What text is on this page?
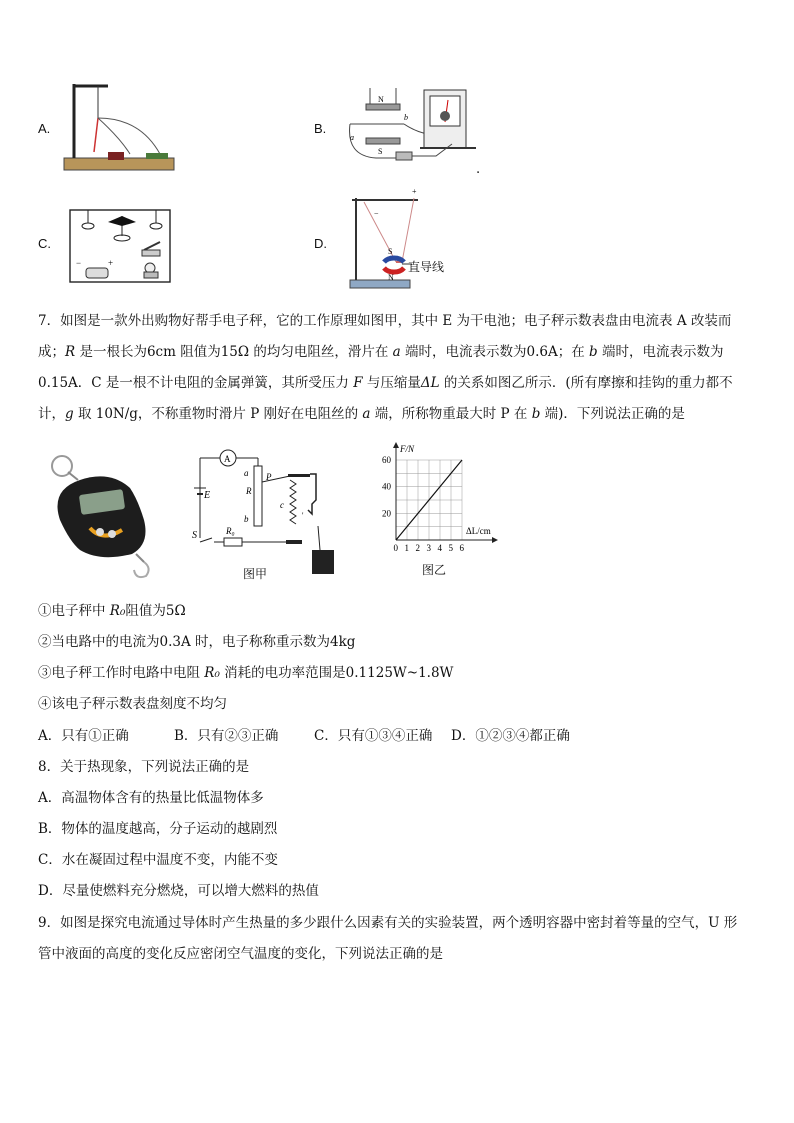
A.	B.
N
S
a
b
.
C.
−	+
D.
+
−
S
N
直导线
7．如图是一款外出购物好帮手电子秤，它的工作原理如图甲，其中 E 为干电池；电子秤示数表盘由电流表 A 改装而
成；R 是一根长为6cm 阻值为15Ω 的均匀电阻丝，滑片在 a 端时，电流表示数为0.6A；在 b 端时，电流表示数为
0.15A．C 是一根不计电阻的金属弹簧，其所受压力 F 与压缩量ΔL 的关系如图乙所示．(所有摩擦和挂钩的重力都不
计，g 取 10N/g，不称重物时滑片 P 刚好在电阻丝的 a 端，所称物重最大时 P 在 b 端)．下列说法正确的是
A
E
S	R₀
a
R
b
P
c
'
图甲
0 1 2 3 4 5 6
20
40
60
F/N
ΔL/cm
图乙
①电子秤中 R₀阻值为5Ω
②当电路中的电流为0.3A 时，电子称称重示数为4kg
③电子秤工作时电路中电阻 R₀ 消耗的电功率范围是0.1125W~1.8W
④该电子秤示数表盘刻度不均匀
A．只有①正确	B．只有②③正确	C．只有①③④正确 D．①②③④都正确
8．关于热现象，下列说法正确的是
A．高温物体含有的热量比低温物体多
B．物体的温度越高，分子运动的越剧烈
C．水在凝固过程中温度不变，内能不变
D．尽量使燃料充分燃烧，可以增大燃料的热值
9．如图是探究电流通过导体时产生热量的多少跟什么因素有关的实验装置，两个透明容器中密封着等量的空气，U 形
管中液面的高度的变化反应密闭空气温度的变化，下列说法正确的是
